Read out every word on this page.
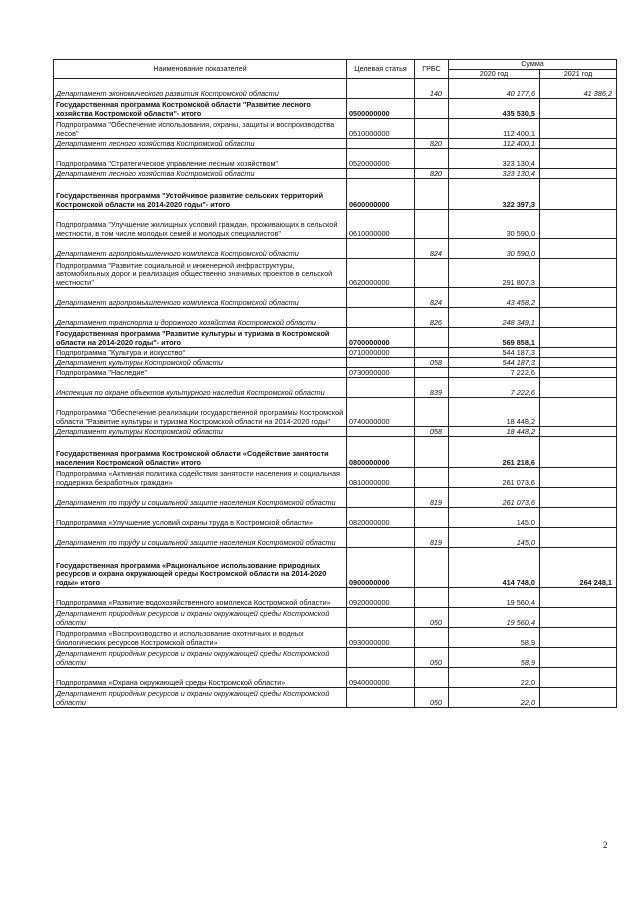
Наименование показателей	Целевая статья	ГРБС	Сумма	
			2020 год	2021 год
Департамент экономического развития Костромской области		140	40 177,6	41 386,2
Государственная программа Костромской области "Развитие лесного хозяйства Костромской области"- итого	0500000000		435 530,5	
Подпрограмма "Обеспечение использования, охраны, защиты и воспроизводства лесов"	0510000000		112 400,1	
Департамент лесного хозяйства Костромской области		820	112 400,1	
Подпрограмма "Стратегическое управление лесным хозяйством"	0520000000		323 130,4	
Департамент лесного хозяйства Костромской области		820	323 130,4	
Государственная программа "Устойчивое развитие сельских территорий Костромской области на 2014-2020 годы"- итого	0600000000		322 397,3	
Подпрограмма "Улучшение жилищных условий граждан, проживающих в сельской местности, в том числе молодых семей и молодых специалистов"	0610000000		30 590,0	
Департамент агропромышленного комплекса Костромской области		824	30 590,0	
Подпрограмма "Развитие социальной и инженерной инфраструктуры, автомобильных дорог и реализация общественно значимых проектов в сельской местности"	0620000000		291 807,3	
Департамент агропромышленного комплекса Костромской области		824	43 458,2	
Департамент транспорта и дорожного хозяйства Костромской области		826	248 349,1	
Государственная программа "Развитие культуры и туризма в Костромской области на 2014-2020 годы"- итого	0700000000		569 858,1	
Подпрограмма "Культура и искусство"	0710000000		544 187,3	
Департамент культуры Костромской области		058	544 187,3	
Подпрограмма "Наследие"	0730000000		7 222,6	
Инспекция по охране объектов культурного наследия Костромской области		839	7 222,6	
Подпрограмма "Обеспечение реализации государственной программы Костромской области "Развитие культуры и туризма Костромской области на 2014-2020 годы"	0740000000		18 448,2	
Департамент культуры Костромской области		058	18 448,2	
Государственная программа Костромской области «Содействие занятости населения Костромской области» итого	0800000000		261 218,6	
Подпрограмма «Активная политика содействия занятости населения и социальная поддержка безработных граждан»	0810000000		261 073,6	
Департамент по труду и социальной защите населения Костромской области		819	261 073,6	
Подпрограмма «Улучшение условий охраны труда в Костромской области»	0820000000		145,0	
Департамент по труду и социальной защите населения Костромской области		819	145,0	
Государственная программа «Рациональное использование природных ресурсов и охрана окружающей среды Костромской области на 2014-2020 годы» итого	0900000000		414 748,0	264 248,1
Подпрограмма «Развитие водохозяйственного комплекса Костромской области»	0920000000		19 560,4	
Департамент природных ресурсов и охраны окружающей среды Костромской области		050	19 560,4	
Подпрограмма «Воспроизводство и использование охотничьих и водных биологических ресурсов Костромской области»	0930000000		58,9	
Департамент природных ресурсов и охраны окружающей среды Костромской области		050	58,9	
Подпрограмма «Охрана окружающей среды Костромской области»	0940000000		22,0	
Департамент природных ресурсов и охраны окружающей среды Костромской области		050	22,0	
2
